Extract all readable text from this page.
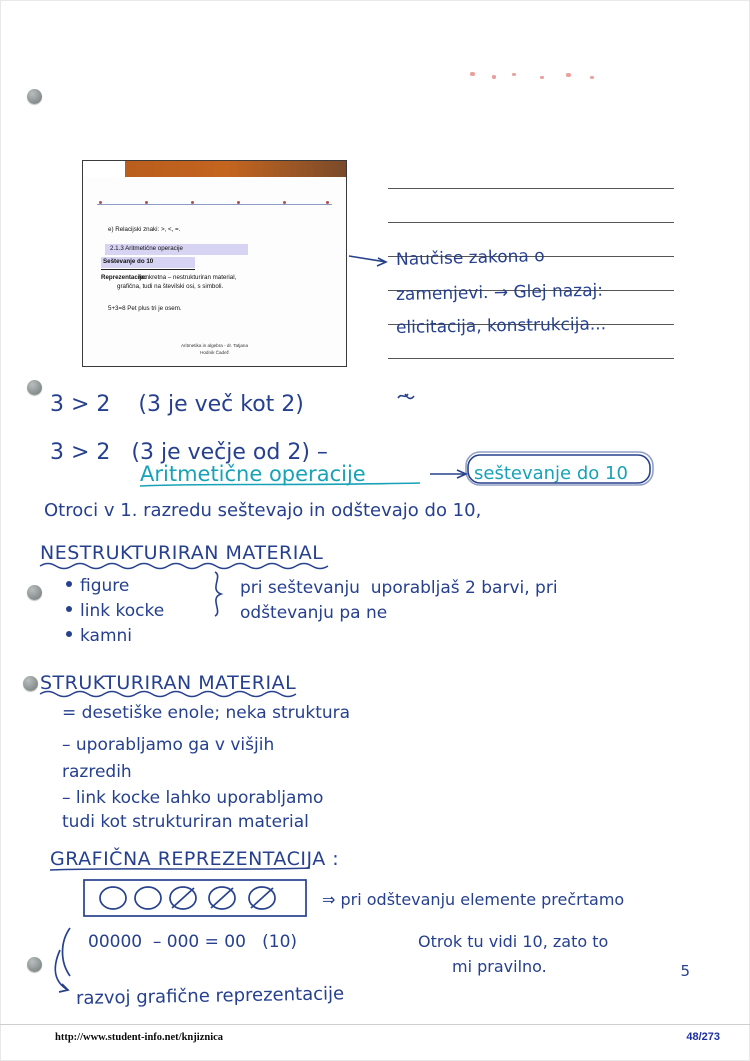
e) Relacijski znaki: >, <, =.
2.1.3 Aritmetične operacije
Seštevanje do 10
Reprezentacije:
konkretna – nestrukturiran material,
grafična, tudi na številski osi, s simboli.
5+3=8 Pet plus tri je osem.
Aritmetika in algebra - dr. Tatjana
Hodnik Čadež
Naučise zakona o
zamenjevi. → Glej nazaj:
elicitacija, konstrukcija...
3 > 2    (3 je več kot 2)
3 > 2   (3 je večje od 2) –
Aritmetične operacije	seštevanje do 10
Otroci v 1. razredu seštevajo in odštevajo do 10,
NESTRUKTURIRAN MATERIAL
figure
link kocke
kamni
pri seštevanju  uporabljaš 2 barvi, pri
odštevanju pa ne
STRUKTURIRAN MATERIAL
= desetiške enole; neka struktura
– uporabljamo ga v višjih
razredih
– link kocke lahko uporabljamo
tudi kot strukturiran material
GRAFIČNA REPREZENTACIJA :
⇒ pri odštevanju elemente prečrtamo
00000  – 000 = 00   (10)	Otrok tu vidi 10, zato to
mi pravilno.
razvoj grafične reprezentacije
5
http://www.student-info.net/knjiznica	48/273
